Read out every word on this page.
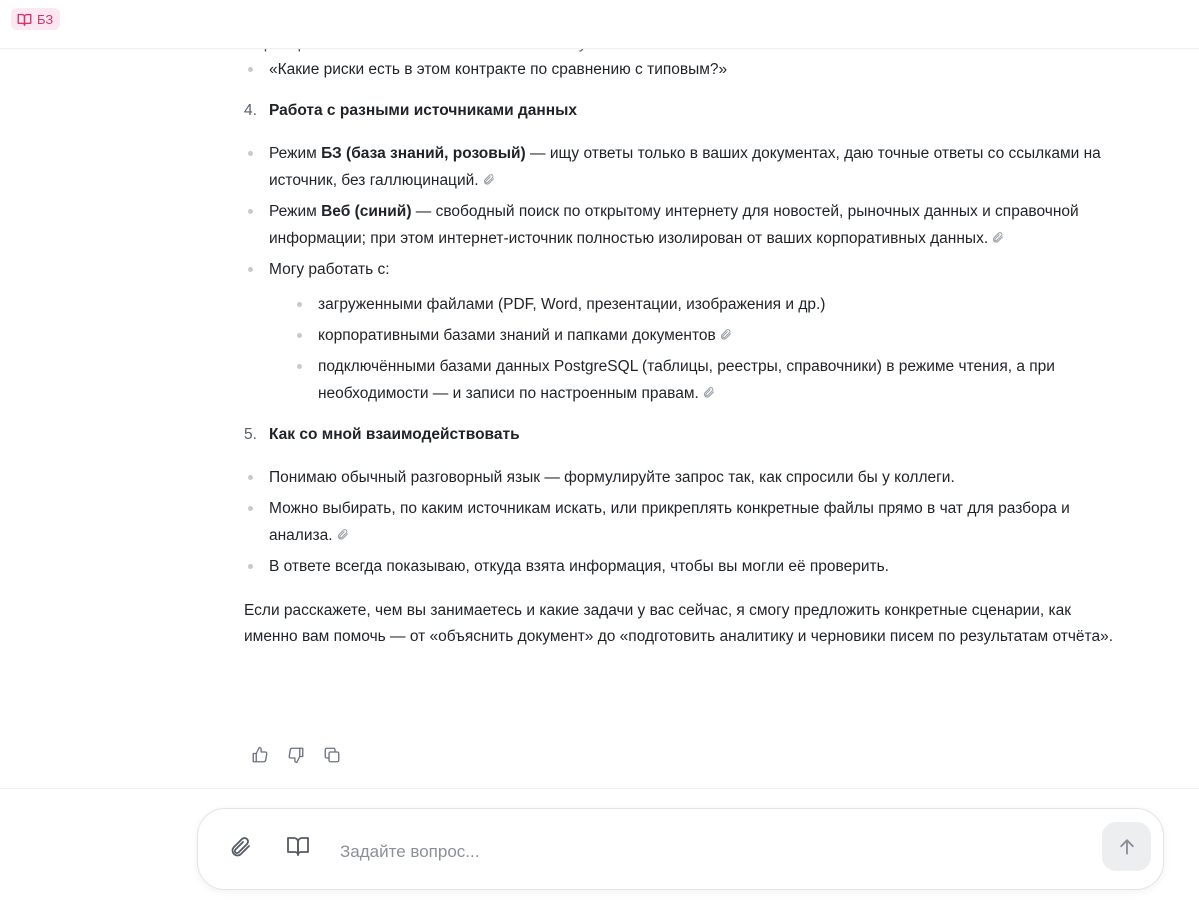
«Какие риски есть в этом контракте по сравнению с типовым?»
4. Работа с разными источниками данных
Режим БЗ (база знаний, розовый) — ищу ответы только в ваших документах, даю точные ответы со ссылками на источник, без галлюцинаций.
Режим Веб (синий) — свободный поиск по открытому интернету для новостей, рыночных данных и справочной информации; при этом интернет-источник полностью изолирован от ваших корпоративных данных.
Могу работать с:
загруженными файлами (PDF, Word, презентации, изображения и др.)
корпоративными базами знаний и папками документов
подключёнными базами данных PostgreSQL (таблицы, реестры, справочники) в режиме чтения, а при необходимости — и записи по настроенным правам.
5. Как со мной взаимодействовать
Понимаю обычный разговорный язык — формулируйте запрос так, как спросили бы у коллеги.
Можно выбирать, по каким источникам искать, или прикреплять конкретные файлы прямо в чат для разбора и анализа.
В ответе всегда показываю, откуда взята информация, чтобы вы могли её проверить.
Если расскажете, чем вы занимаетесь и какие задачи у вас сейчас, я смогу предложить конкретные сценарии, как именно вам помочь — от «объяснить документ» до «подготовить аналитику и черновики писем по результатам отчёта».
БЗ
Задайте вопрос...
